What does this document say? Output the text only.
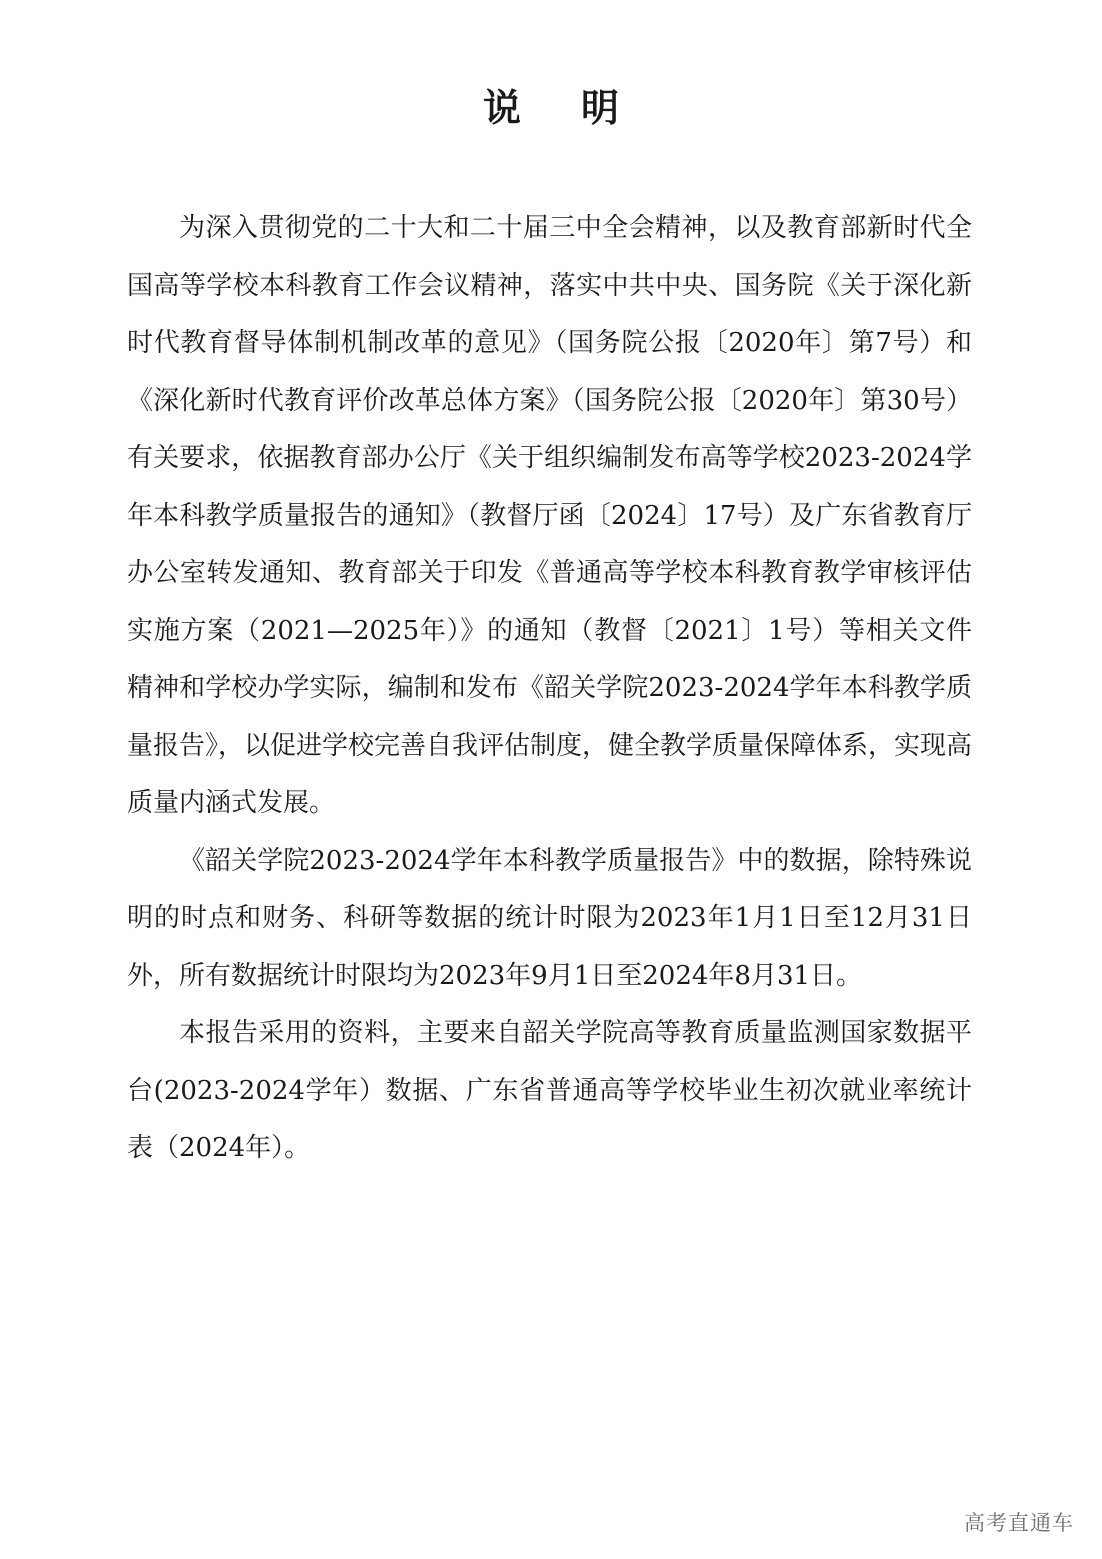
说明

为深入贯彻党的二十大和二十届三中全会精神，以及教育部新时代全国高等学校本科教育工作会议精神，落实中共中央、国务院《关于深化新时代教育督导体制机制改革的意见》（国务院公报〔2020年〕第7号）和《深化新时代教育评价改革总体方案》（国务院公报〔2020年〕第30号）有关要求，依据教育部办公厅《关于组织编制发布高等学校2023-2024学年本科教学质量报告的通知》（教督厅函〔2024〕17号）及广东省教育厅办公室转发通知、教育部关于印发《普通高等学校本科教育教学审核评估实施方案（2021—2025年）》的通知（教督〔2021〕1号）等相关文件精神和学校办学实际，编制和发布《韶关学院2023-2024学年本科教学质量报告》，以促进学校完善自我评估制度，健全教学质量保障体系，实现高质量内涵式发展。

《韶关学院2023-2024学年本科教学质量报告》中的数据，除特殊说明的时点和财务、科研等数据的统计时限为2023年1月1日至12月31日外，所有数据统计时限均为2023年9月1日至2024年8月31日。

本报告采用的资料，主要来自韶关学院高等教育质量监测国家数据平台(2023-2024学年）数据、广东省普通高等学校毕业生初次就业率统计表（2024年）。

高考直通车
